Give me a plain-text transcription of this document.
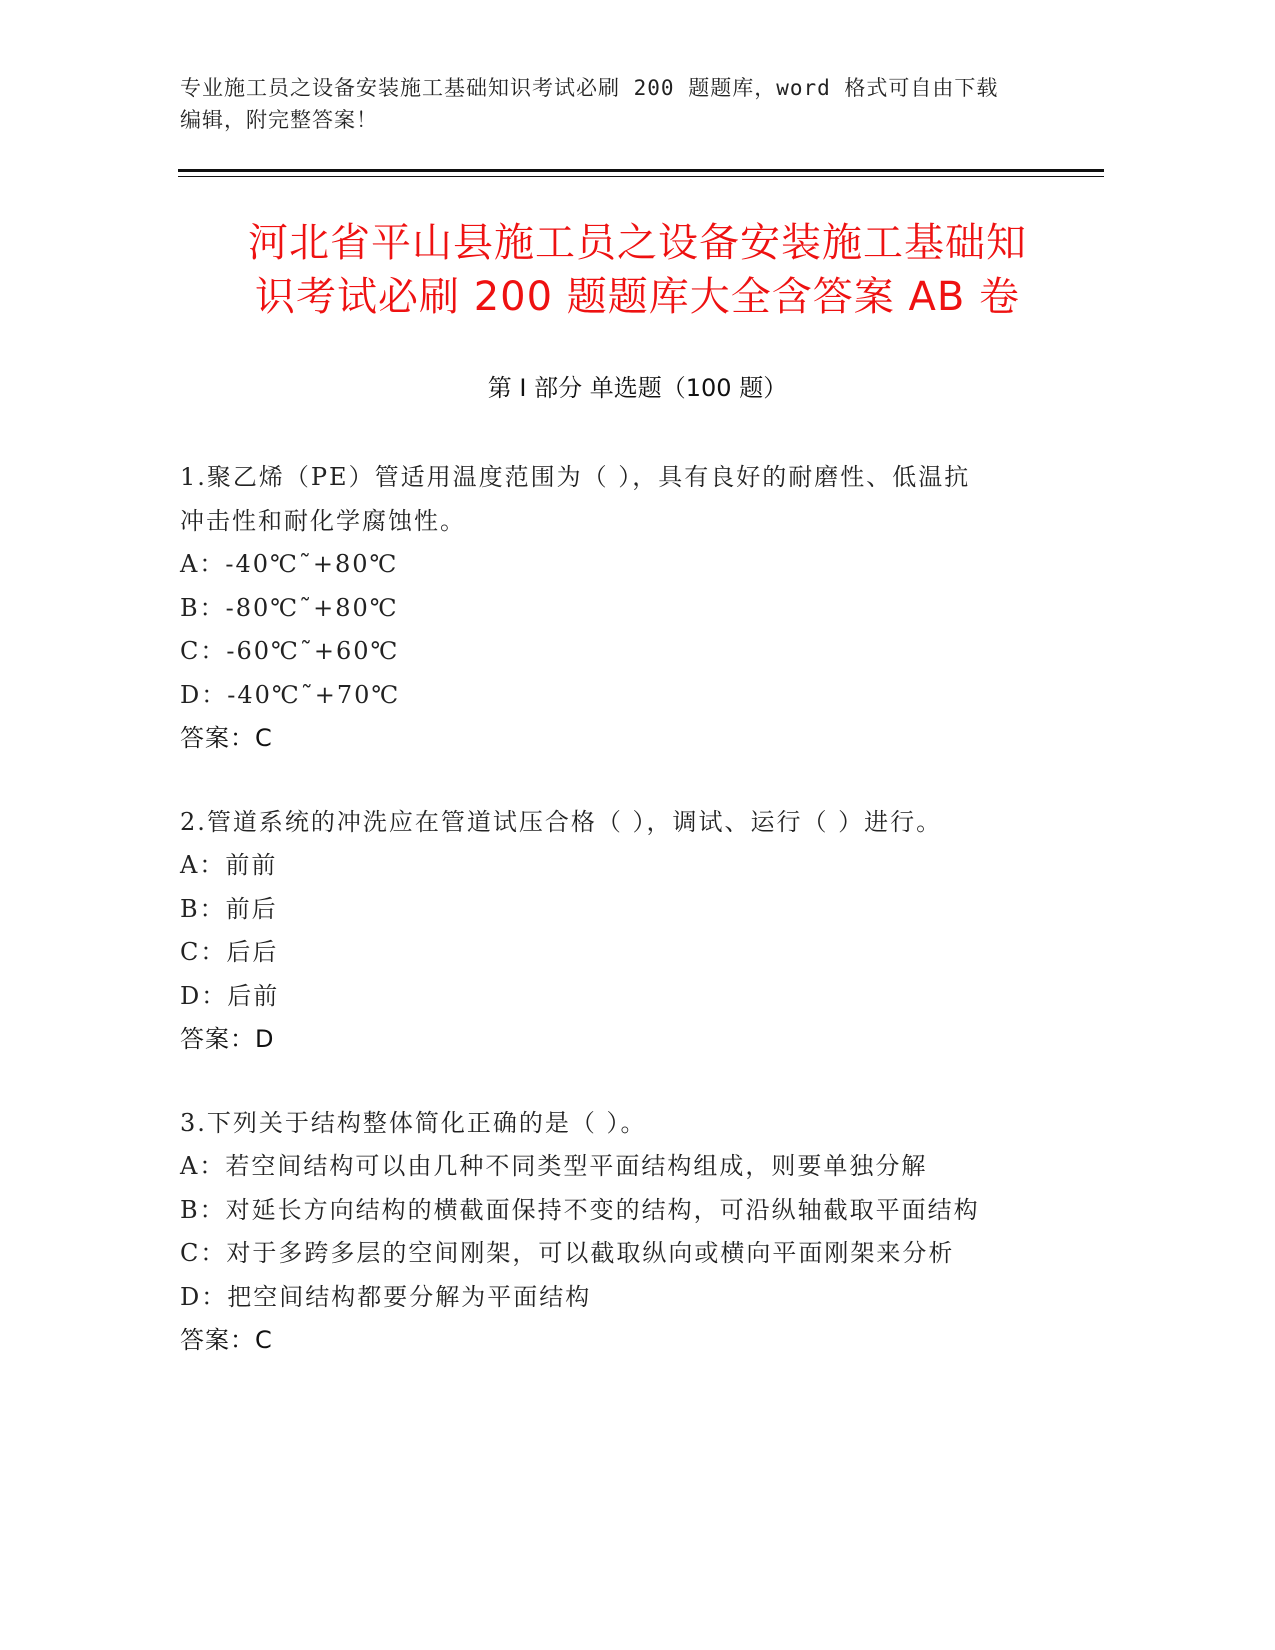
专业施工员之设备安装施工基础知识考试必刷 200 题题库，word 格式可自由下载
编辑，附完整答案！
河北省平山县施工员之设备安装施工基础知
识考试必刷 200 题题库大全含答案 AB 卷
第 I 部分 单选题（100 题）
1.聚乙烯（PE）管适用温度范围为（ ），具有良好的耐磨性、低温抗
冲击性和耐化学腐蚀性。
A：-40℃˜+80℃
B：-80℃˜+80℃
C：-60℃˜+60℃
D：-40℃˜+70℃
答案：C
2.管道系统的冲洗应在管道试压合格（ ），调试、运行（ ）进行。
A：前前
B：前后
C：后后
D：后前
答案：D
3.下列关于结构整体简化正确的是（ ）。
A：若空间结构可以由几种不同类型平面结构组成，则要单独分解
B：对延长方向结构的横截面保持不变的结构，可沿纵轴截取平面结构
C：对于多跨多层的空间刚架，可以截取纵向或横向平面刚架来分析
D：把空间结构都要分解为平面结构
答案：C
